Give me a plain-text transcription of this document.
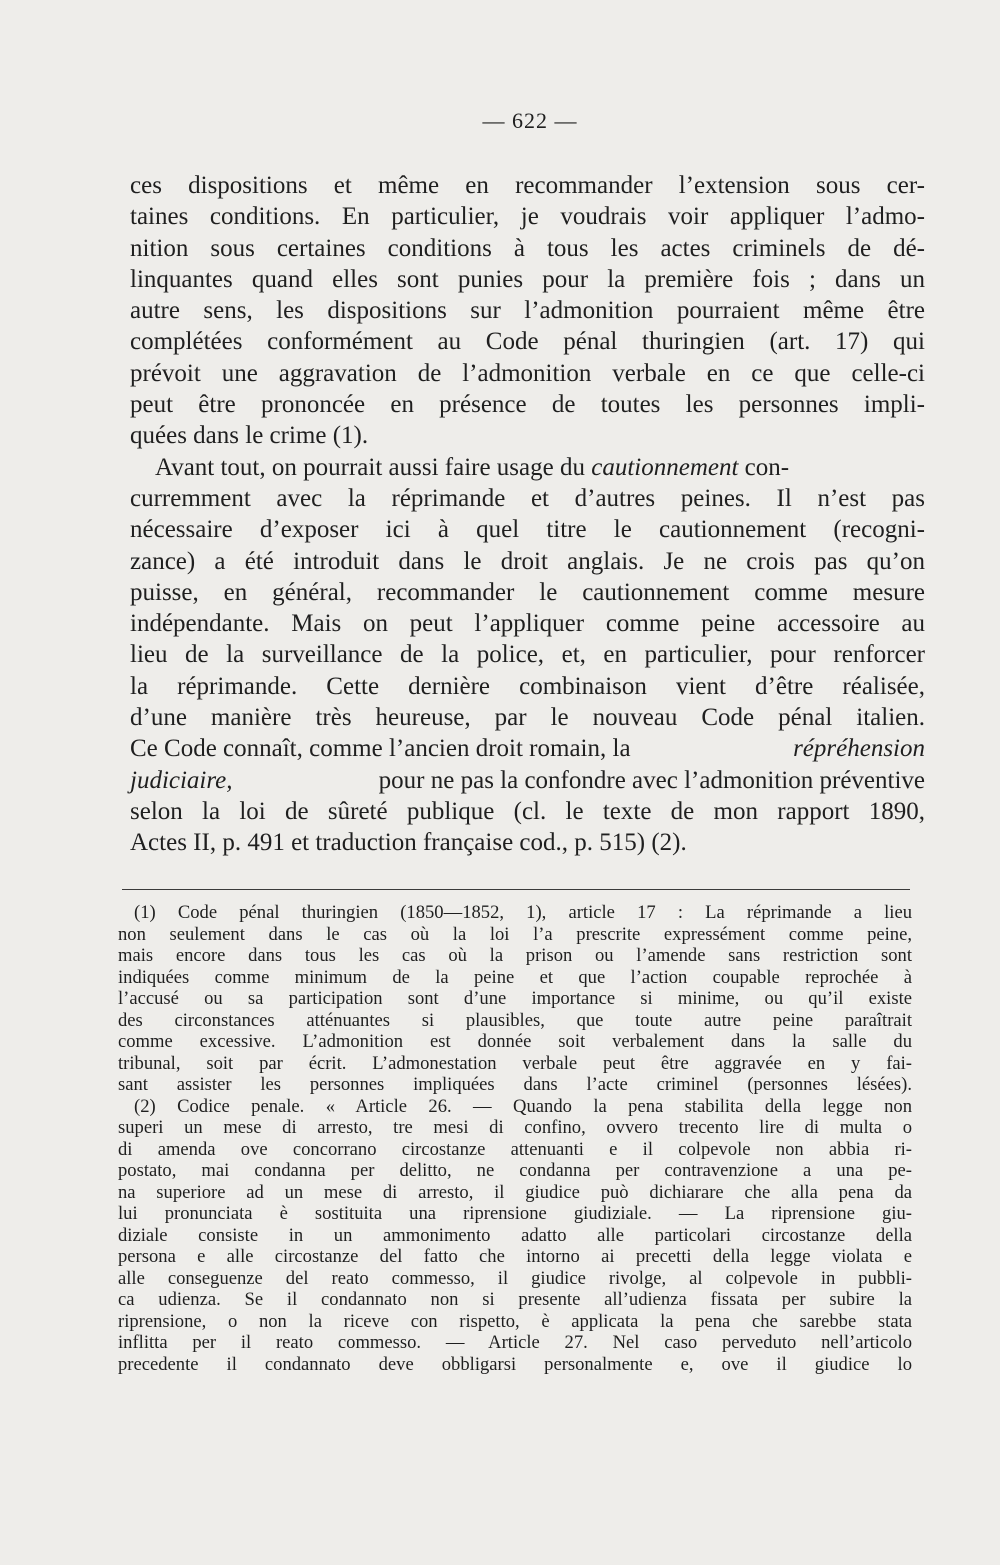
— 622 —
ces dispositions et même en recommander l’extension sous cer-
taines conditions. En particulier, je voudrais voir appliquer l’admo-
nition sous certaines conditions à tous les actes criminels de dé-
linquantes quand elles sont punies pour la première fois ; dans un
autre sens, les dispositions sur l’admonition pourraient même être
complétées conformément au Code pénal thuringien (art. 17) qui
prévoit une aggravation de l’admonition verbale en ce que celle-ci
peut être prononcée en présence de toutes les personnes impli-
quées dans le crime (1).
Avant tout, on pourrait aussi faire usage du cautionnement con-
curremment avec la réprimande et d’autres peines. Il n’est pas
nécessaire d’exposer ici à quel titre le cautionnement (recogni-
zance) a été introduit dans le droit anglais. Je ne crois pas qu’on
puisse, en général, recommander le cautionnement comme mesure
indépendante. Mais on peut l’appliquer comme peine accessoire au
lieu de la surveillance de la police, et, en particulier, pour renforcer
la réprimande. Cette dernière combinaison vient d’être réalisée,
d’une manière très heureuse, par le nouveau Code pénal italien.
Ce Code connaît, comme l’ancien droit romain, la	répréhension
judiciaire,	pour ne pas la confondre avec l’admonition préventive
selon la loi de sûreté publique (cl. le texte de mon rapport 1890,
Actes II, p. 491 et traduction française cod., p. 515) (2).
(1) Code pénal thuringien (1850—1852, 1), article 17 : La réprimande a lieu
non seulement dans le cas où la loi l’a prescrite expressément comme peine,
mais encore dans tous les cas où la prison ou l’amende sans restriction sont
indiquées comme minimum de la peine et que l’action coupable reprochée à
l’accusé ou sa participation sont d’une importance si minime, ou qu’il existe
des circonstances atténuantes si plausibles, que toute autre peine paraîtrait
comme excessive. L’admonition est donnée soit verbalement dans la salle du
tribunal, soit par écrit. L’admonestation verbale peut être aggravée en y fai-
sant assister les personnes impliquées dans l’acte criminel (personnes lésées).
(2) Codice penale. « Article 26. — Quando la pena stabilita della legge non
superi un mese di arresto, tre mesi di confino, ovvero trecento lire di multa o
di amenda ove concorrano circostanze attenuanti e il colpevole non abbia ri-
postato, mai condanna per delitto, ne condanna per contravenzione a una pe-
na superiore ad un mese di arresto, il giudice può dichiarare che alla pena da
lui pronunciata è sostituita una riprensione giudiziale. — La riprensione giu-
diziale consiste in un ammonimento adatto alle particolari circostanze della
persona e alle circostanze del fatto che intorno ai precetti della legge violata e
alle conseguenze del reato commesso, il giudice rivolge, al colpevole in pubbli-
ca udienza. Se il condannato non si presente all’udienza fissata per subire la
riprensione, o non la riceve con rispetto, è applicata la pena che sarebbe stata
inflitta per il reato commesso. — Article 27. Nel caso perveduto nell’articolo
precedente il condannato deve obbligarsi personalmente e, ove il giudice lo
